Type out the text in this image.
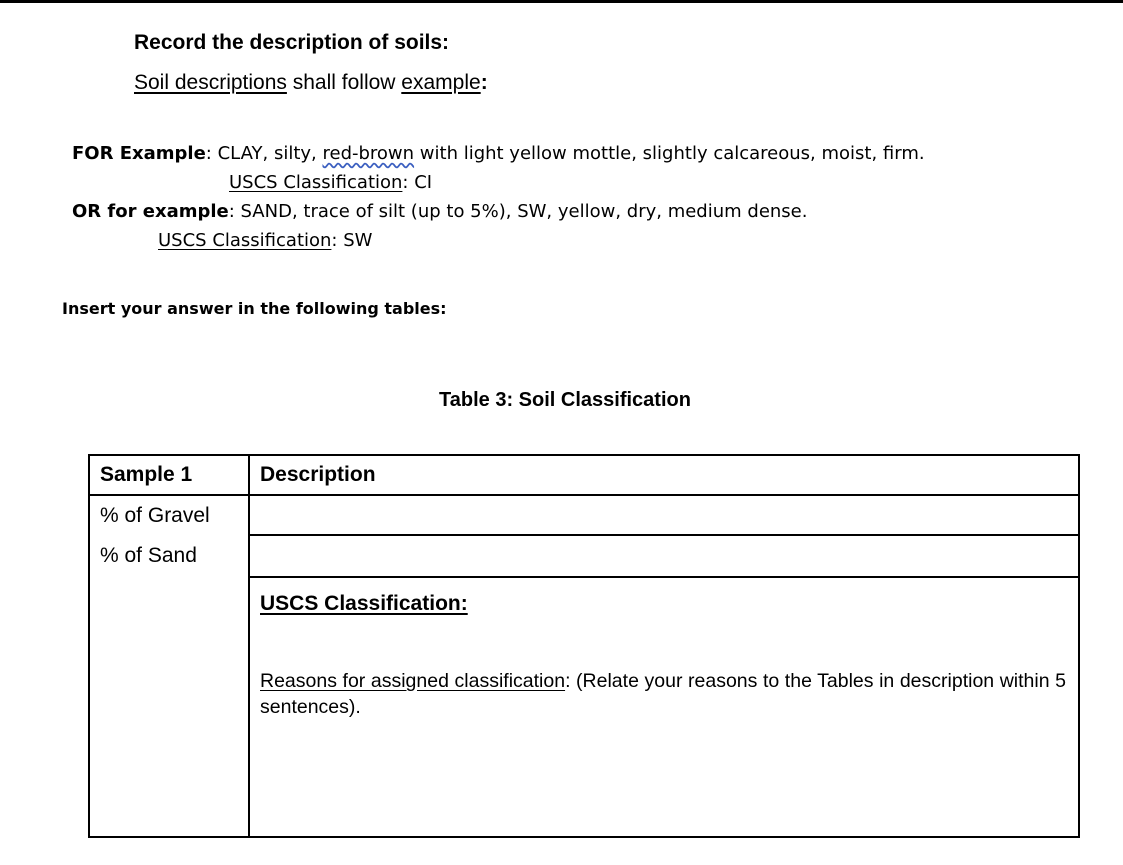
Record the description of soils:
Soil descriptions shall follow example:
FOR Example: CLAY, silty, red-brown with light yellow mottle, slightly calcareous, moist, firm.
USCS Classification: CI
OR for example: SAND, trace of silt (up to 5%), SW, yellow, dry, medium dense.
USCS Classification: SW
Insert your answer in the following tables:
Table 3: Soil Classification
Sample 1	Description
% of Gravel	
% of Sand	

	USCS Classification:
Reasons for assigned classification: (Relate your reasons to the Tables in description within 5 sentences).
